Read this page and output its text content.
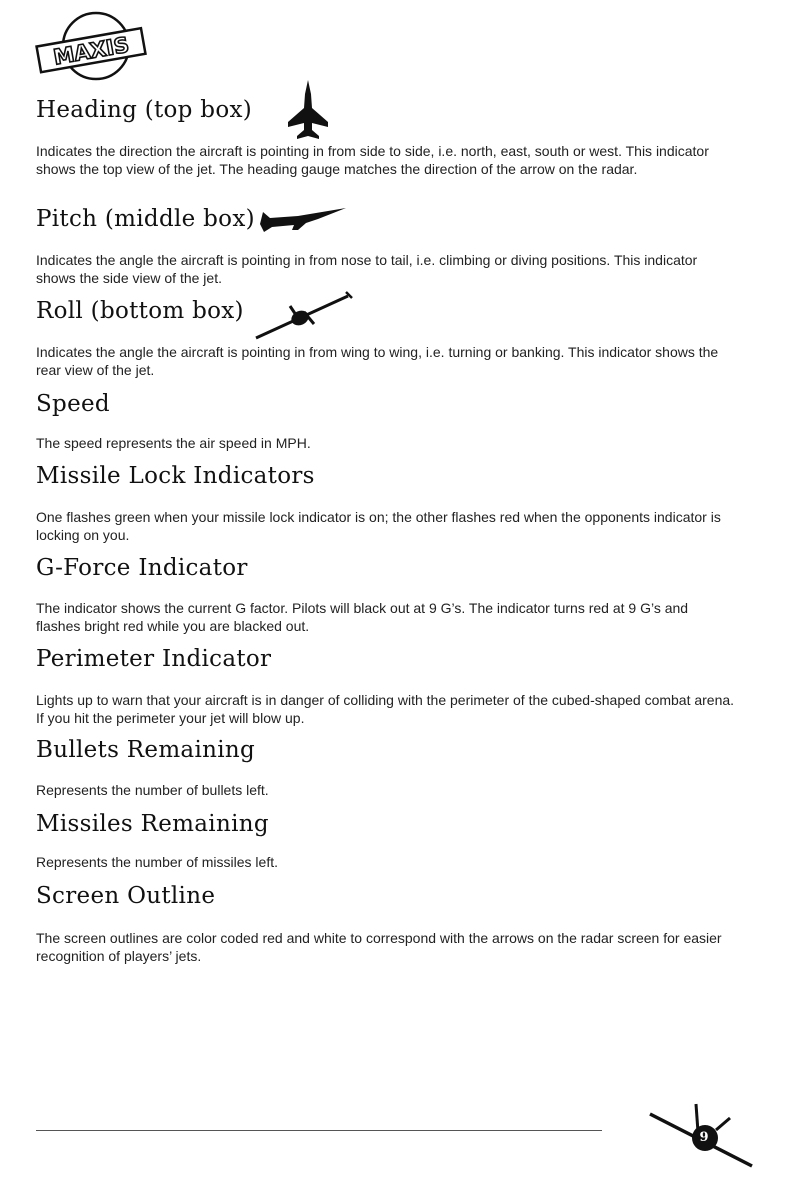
MAXIS
Heading (top box)

Indicates the direction the aircraft is pointing in from side to side, i.e. north, east, south or west. This indicator shows the top view of the jet. The heading gauge matches the direction of the arrow on the radar.

Pitch (middle box)

Indicates the angle the aircraft is pointing in from nose to tail, i.e. climbing or diving positions. This indicator shows the side view of the jet.

Roll (bottom box)

Indicates the angle the aircraft is pointing in from wing to wing, i.e. turning or banking. This indicator shows the rear view of the jet.

Speed

The speed represents the air speed in MPH.

Missile Lock Indicators

One flashes green when your missile lock indicator is on; the other flashes red when the opponents indicator is locking on you.

G-Force Indicator

The indicator shows the current G factor. Pilots will black out at 9 G’s. The indicator turns red at 9 G’s and flashes bright red while you are blacked out.

Perimeter Indicator

Lights up to warn that your aircraft is in danger of colliding with the perimeter of the cubed-shaped combat arena. If you hit the perimeter your jet will blow up.

Bullets Remaining

Represents the number of bullets left.

Missiles Remaining

Represents the number of missiles left.

Screen Outline

The screen outlines are color coded red and white to correspond with the arrows on the radar screen for easier recognition of players’ jets.

9
